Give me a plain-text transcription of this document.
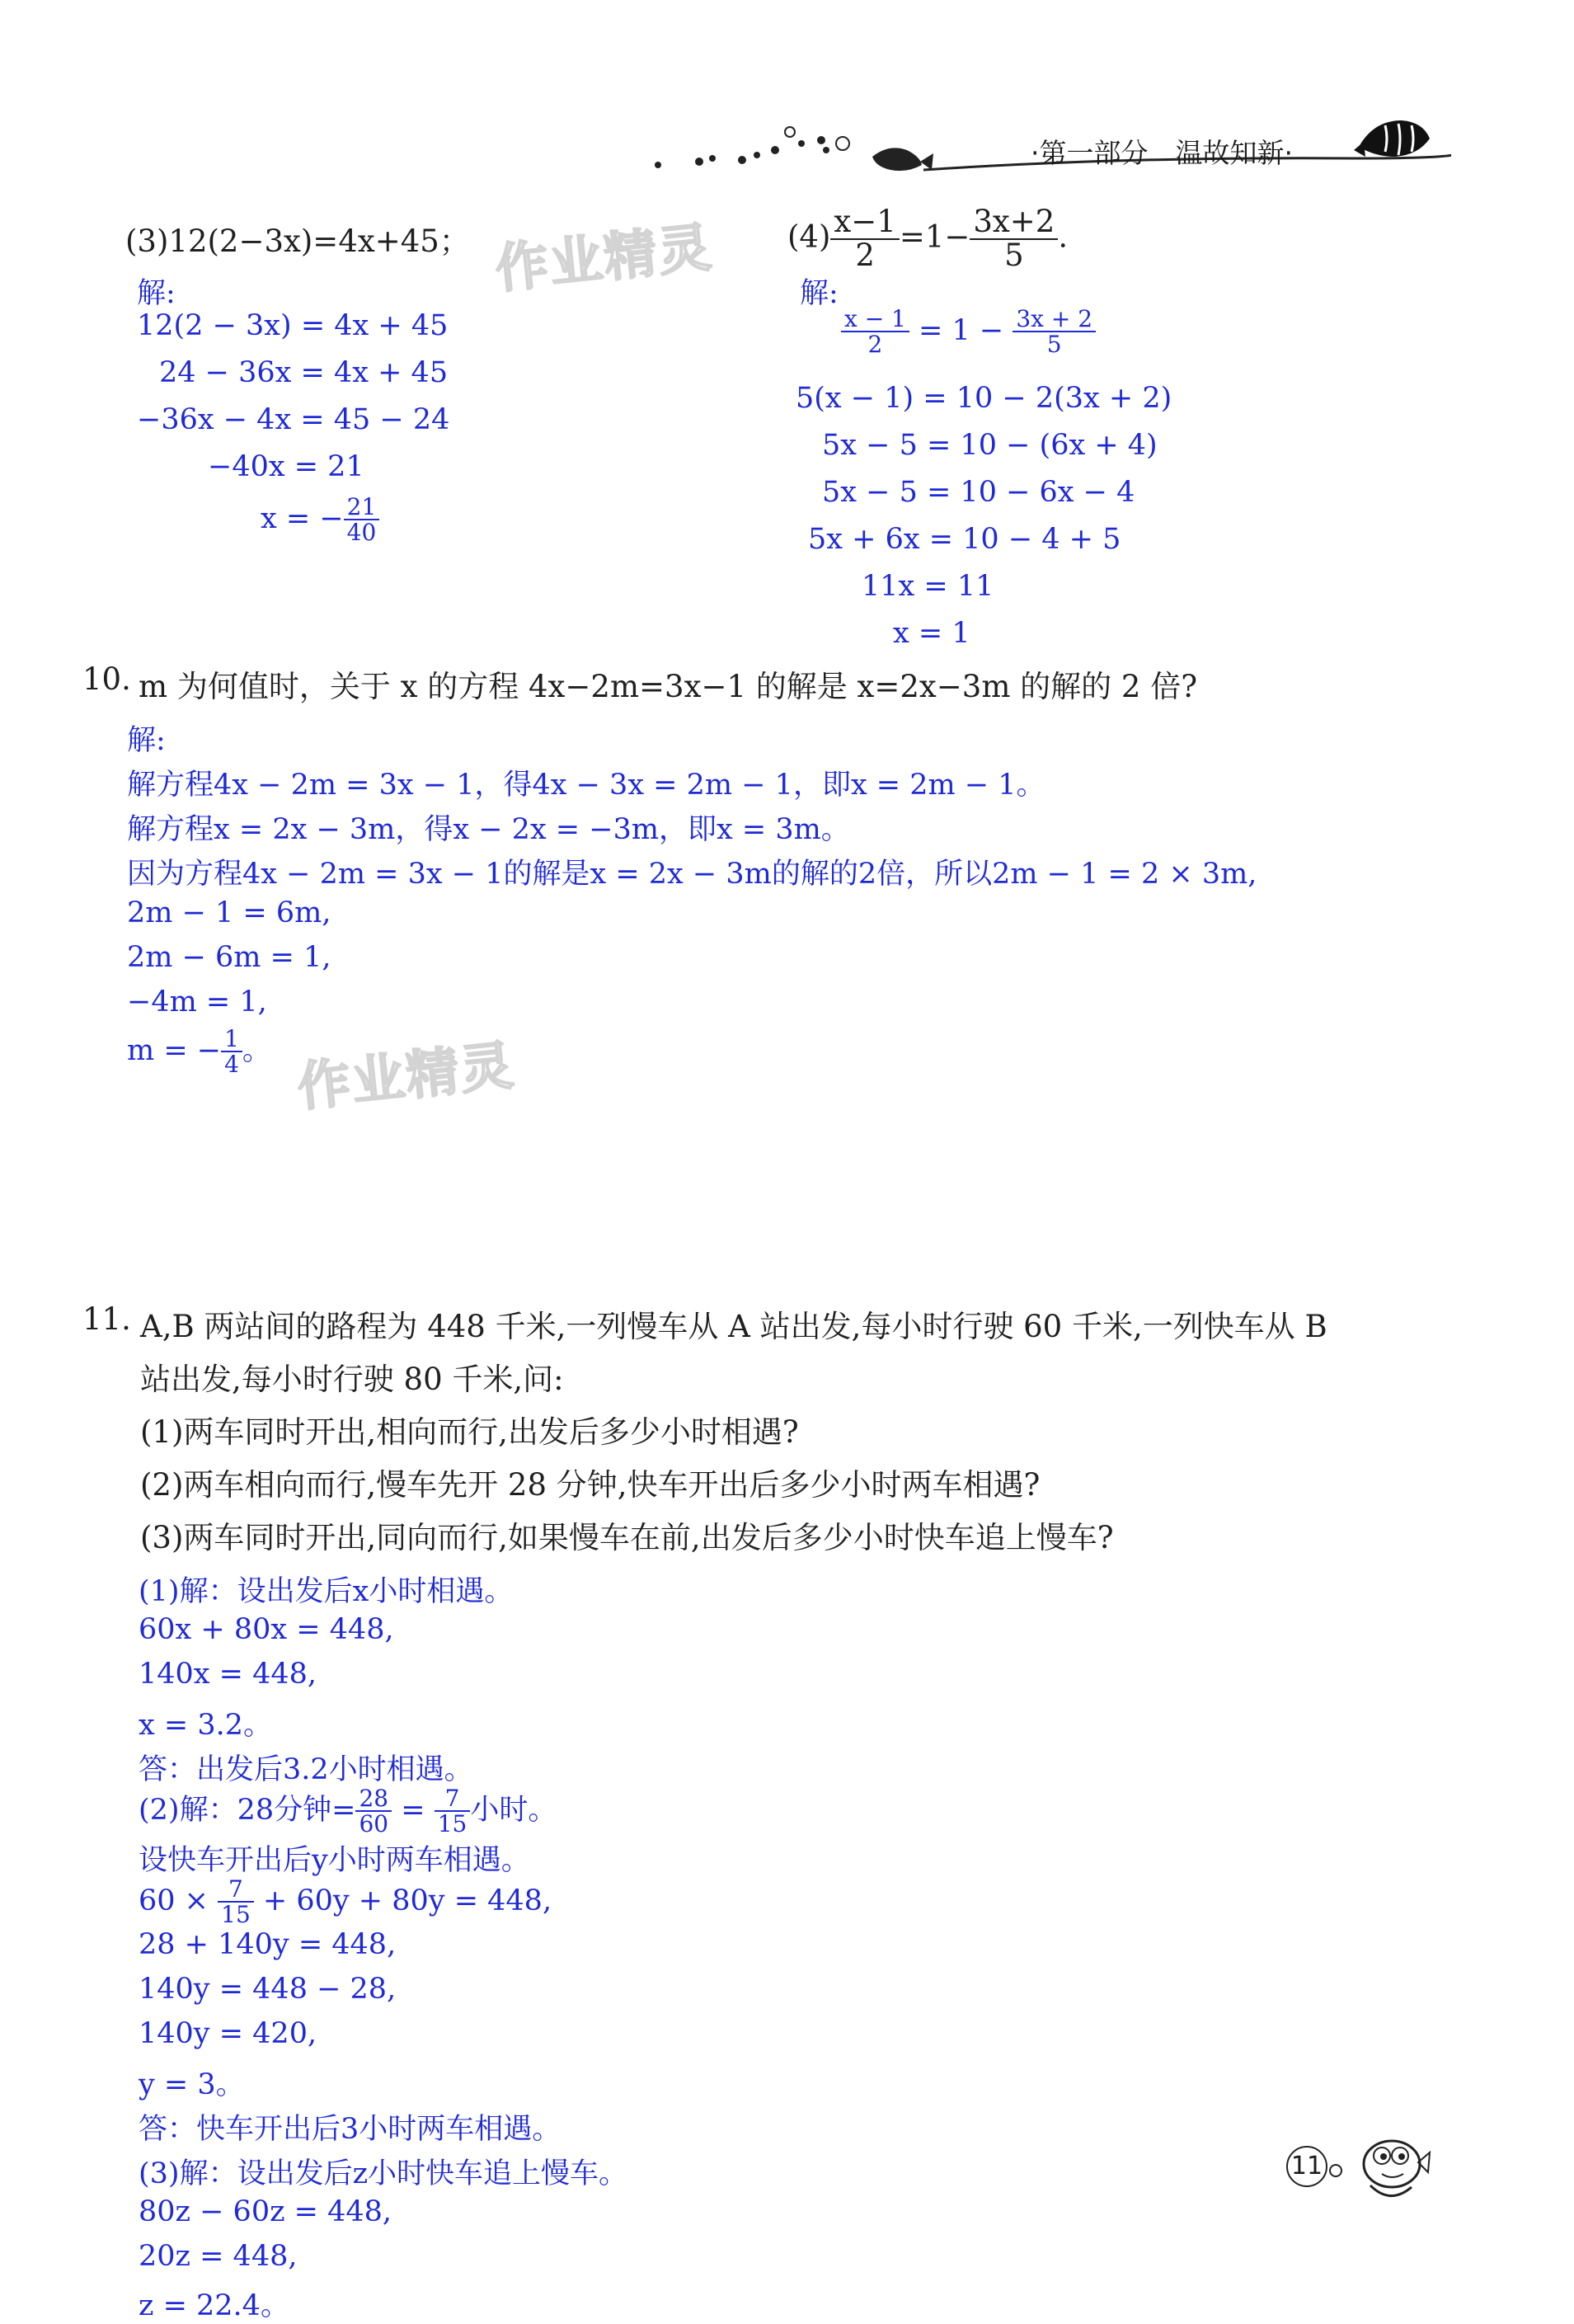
·第一部分　温故知新·
作业精灵
作业精灵
(3)12(2−3x)=4x+45；
解:
12(2 − 3x) = 4x + 45
24 − 36x = 4x + 45
−36x − 4x = 45 − 24
−40x = 21
x = − $\frac{21}{40}$
$(4) \frac{x-1}{2} =1- \frac{3x+2}{5}$ .
解:
$\frac{x - 1}{2} = 1 - \frac{3x + 2}{5}$
5(x − 1) = 10 − 2(3x + 2)
5x − 5 = 10 − (6x + 4)
5x − 5 = 10 − 6x − 4
5x + 6x = 10 − 4 + 5
11x = 11
x = 1
10. m 为何值时，关于 x 的方程 4x−2m=3x−1 的解是 x=2x−3m 的解的 2 倍?
解:
解方程4x − 2m = 3x − 1，得4x − 3x = 2m − 1，即x = 2m − 1。
解方程x = 2x − 3m，得x − 2x = −3m，即x = 3m。
因为方程4x − 2m = 3x − 1的解是x = 2x − 3m的解的2倍，所以2m − 1 = 2 × 3m,
2m − 1 = 6m,
2m − 6m = 1,
−4m = 1,
m = − $\frac{1}{4}$ 。
11. A,B 两站间的路程为 448 千米,一列慢车从 A 站出发,每小时行驶 60 千米,一列快车从 B
站出发,每小时行驶 80 千米,问:
(1)两车同时开出,相向而行,出发后多少小时相遇?
(2)两车相向而行,慢车先开 28 分钟,快车开出后多少小时两车相遇?
(3)两车同时开出,同向而行,如果慢车在前,出发后多少小时快车追上慢车?
(1)解：设出发后x小时相遇。
60x + 80x = 448,
140x = 448,
x = 3.2。
答：出发后3.2小时相遇。
(2)解：28分钟= $\frac{28}{60} = \frac{7}{15}$ 小时。
设快车开出后y小时两车相遇。
$60 \times \frac{7}{15} + 60y + 80y = 448$,
28 + 140y = 448,
140y = 448 − 28,
140y = 420,
y = 3。
答：快车开出后3小时两车相遇。
(3)解：设出发后z小时快车追上慢车。
80z − 60z = 448,
20z = 448,
z = 22.4。
11
